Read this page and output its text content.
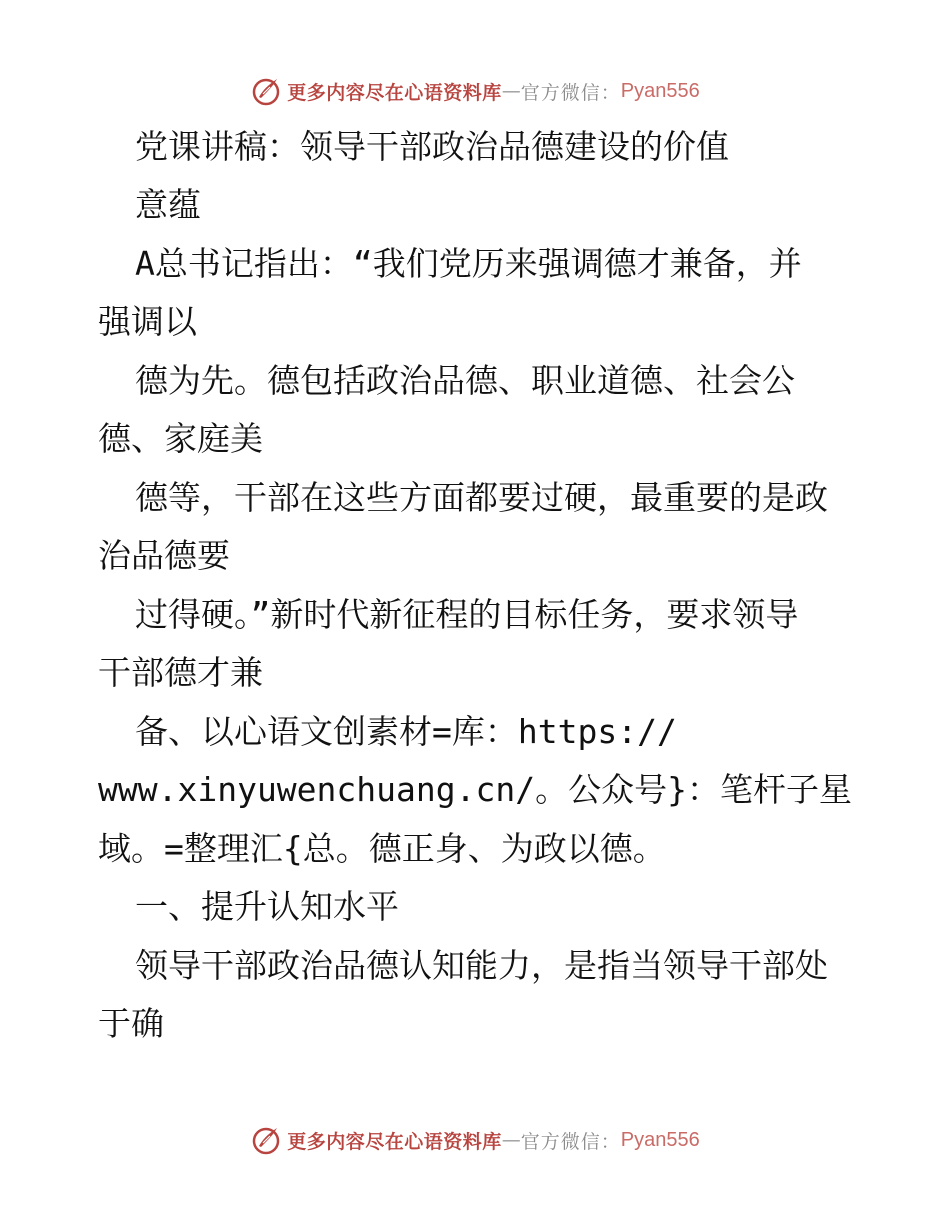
更多内容尽在心语资料库 — 官方微信： Pyan556
党课讲稿：领导干部政治品德建设的价值
意蕴
A总书记指出：“我们党历来强调德才兼备，并
强调以
德为先。德包括政治品德、职业道德、社会公
德、家庭美
德等，干部在这些方面都要过硬，最重要的是政
治品德要
过得硬。”新时代新征程的目标任务，要求领导
干部德才兼
备、以心语文创素材=库：https://
www.xinyuwenchuang.cn/。公众号}：笔杆子星
域。=整理汇{总。德正身、为政以德。
一、提升认知水平
领导干部政治品德认知能力，是指当领导干部处
于确
更多内容尽在心语资料库 — 官方微信： Pyan556
